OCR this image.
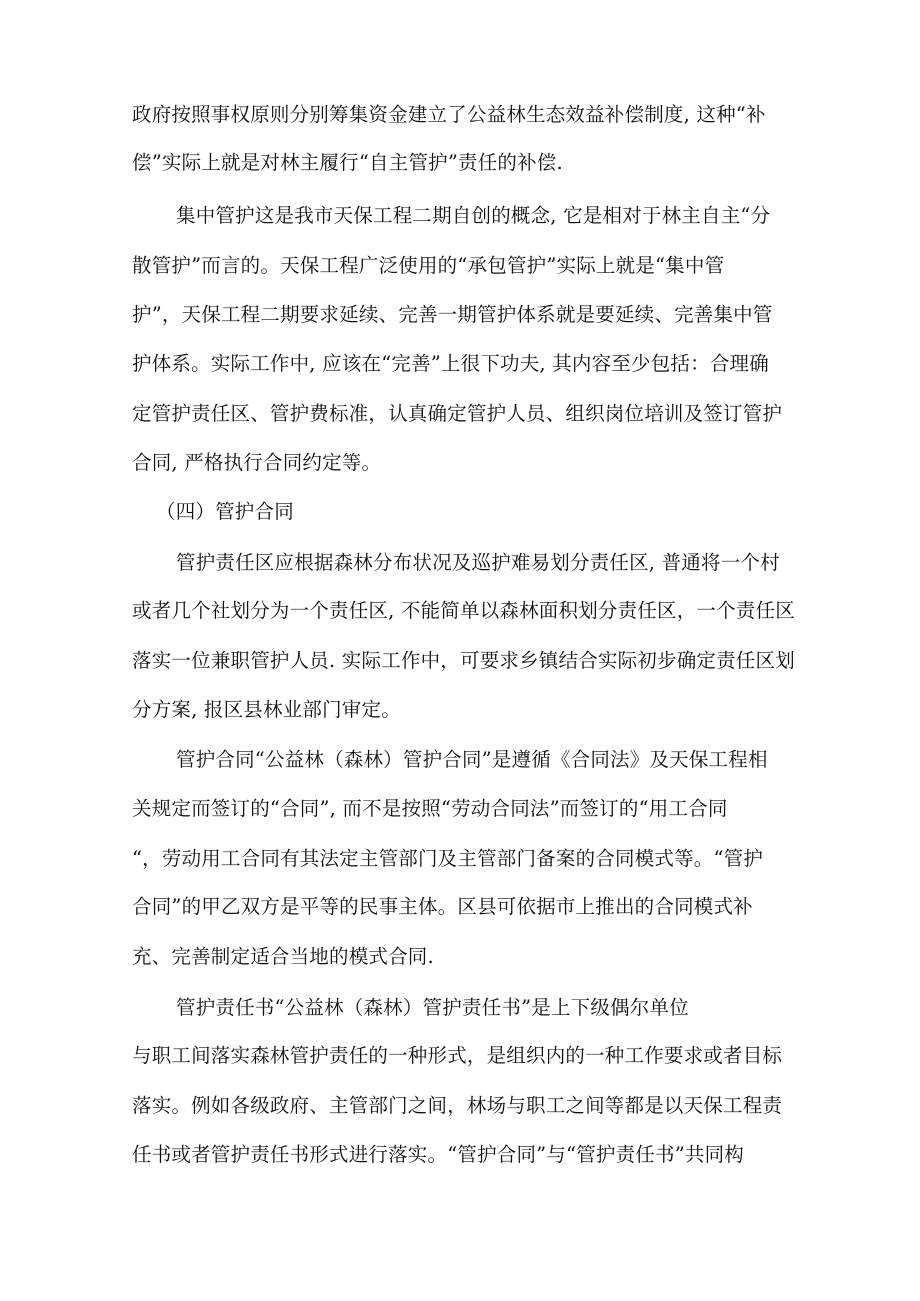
政府按照事权原则分别筹集资金建立了公益林生态效益补偿制度, 这种“补
偿”实际上就是对林主履行“自主管护”责任的补偿.
集中管护这是我市天保工程二期自创的概念, 它是相对于林主自主“分
散管护”而言的。天保工程广泛使用的“承包管护”实际上就是“集中管
护”，天保工程二期要求延续、完善一期管护体系就是要延续、完善集中管
护体系。实际工作中, 应该在“完善”上很下功夫, 其内容至少包括：合理确
定管护责任区、管护费标准，认真确定管护人员、组织岗位培训及签订管护
合同, 严格执行合同约定等。
（四）管护合同
管护责任区应根据森林分布状况及巡护难易划分责任区, 普通将一个村
或者几个社划分为一个责任区, 不能简单以森林面积划分责任区，一个责任区
落实一位兼职管护人员. 实际工作中，可要求乡镇结合实际初步确定责任区划
分方案, 报区县林业部门审定。
管护合同“公益林（森林）管护合同”是遵循《合同法》及天保工程相
关规定而签订的“合同”, 而不是按照“劳动合同法”而签订的“用工合同
“，劳动用工合同有其法定主管部门及主管部门备案的合同模式等。“管护
合同”的甲乙双方是平等的民事主体。区县可依据市上推出的合同模式补
充、完善制定适合当地的模式合同.
管护责任书“公益林（森林）管护责任书”是上下级偶尔单位
与职工间落实森林管护责任的一种形式，是组织内的一种工作要求或者目标
落实。例如各级政府、主管部门之间，林场与职工之间等都是以天保工程责
任书或者管护责任书形式进行落实。“管护合同”与“管护责任书”共同构
